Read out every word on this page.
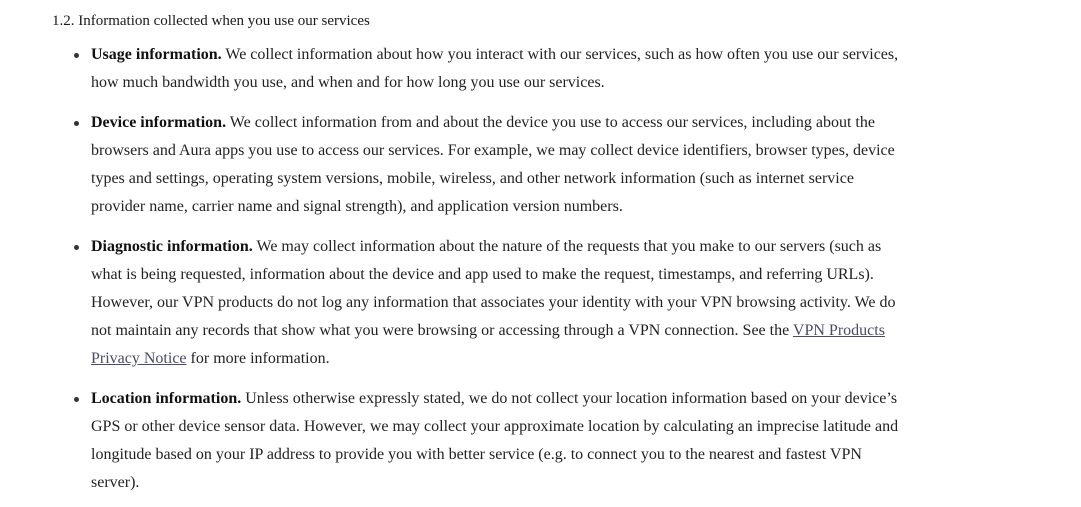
1.2. Information collected when you use our services
Usage information. We collect information about how you interact with our services, such as how often you use our services,
how much bandwidth you use, and when and for how long you use our services.
Device information. We collect information from and about the device you use to access our services, including about the
browsers and Aura apps you use to access our services. For example, we may collect device identifiers, browser types, device
types and settings, operating system versions, mobile, wireless, and other network information (such as internet service
provider name, carrier name and signal strength), and application version numbers.
Diagnostic information. We may collect information about the nature of the requests that you make to our servers (such as
what is being requested, information about the device and app used to make the request, timestamps, and referring URLs).
However, our VPN products do not log any information that associates your identity with your VPN browsing activity. We do
not maintain any records that show what you were browsing or accessing through a VPN connection. See the VPN Products
Privacy Notice for more information.
Location information. Unless otherwise expressly stated, we do not collect your location information based on your device’s
GPS or other device sensor data. However, we may collect your approximate location by calculating an imprecise latitude and
longitude based on your IP address to provide you with better service (e.g. to connect you to the nearest and fastest VPN
server).
